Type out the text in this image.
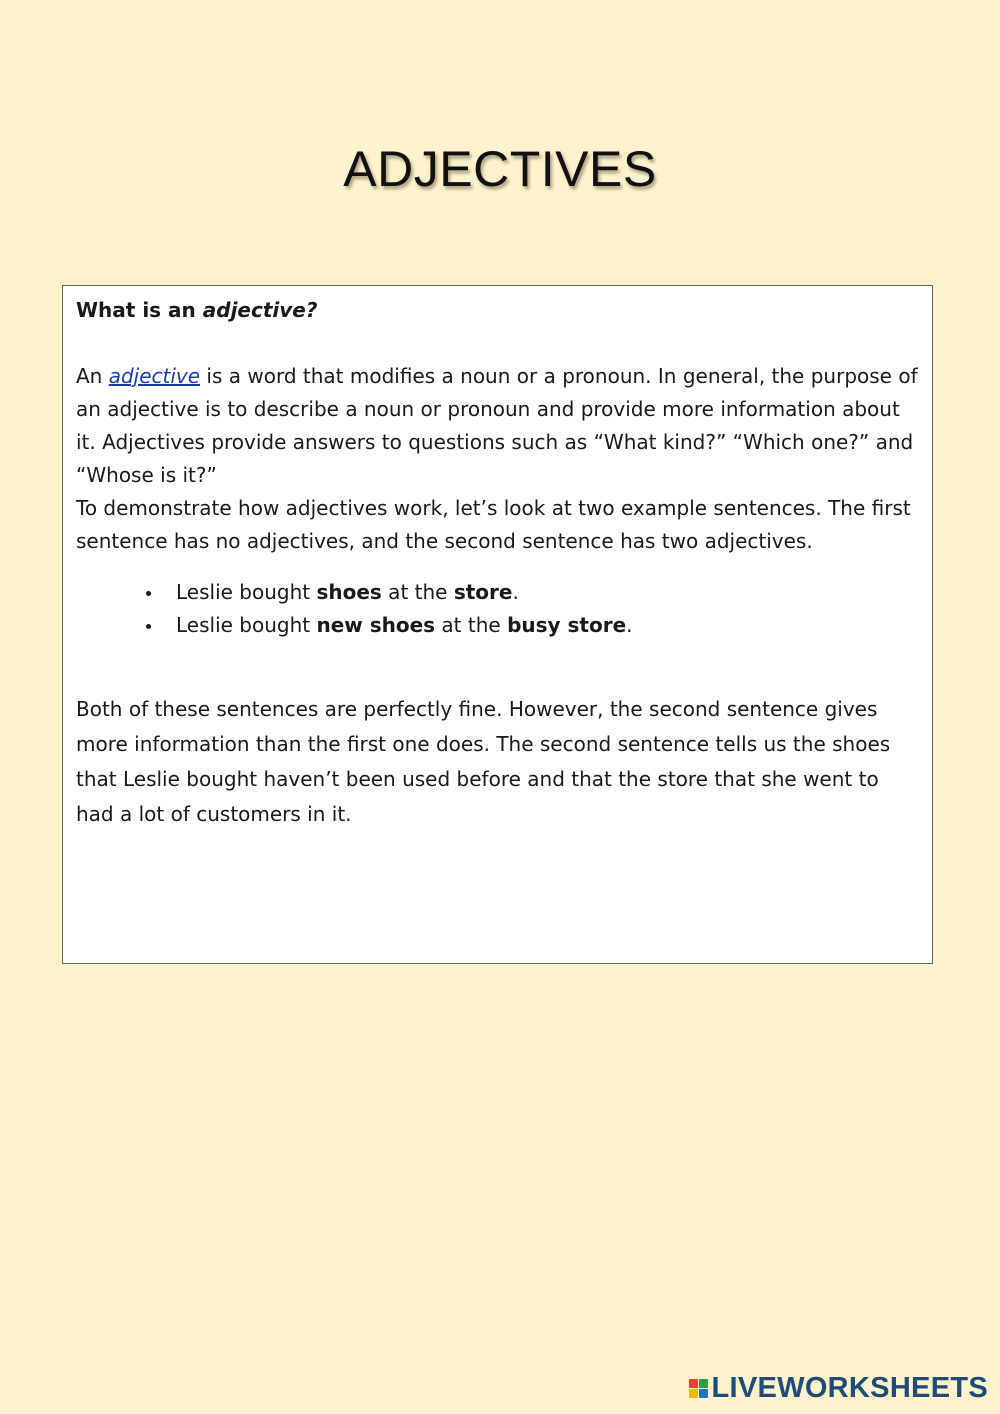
ADJECTIVES

What is an adjective?

An adjective is a word that modifies a noun or a pronoun. In general, the purpose of an adjective is to describe a noun or pronoun and provide more information about it. Adjectives provide answers to questions such as “What kind?” “Which one?” and “Whose is it?”
To demonstrate how adjectives work, let’s look at two example sentences. The first sentence has no adjectives, and the second sentence has two adjectives.

Leslie bought shoes at the store.
Leslie bought new shoes at the busy store.

Both of these sentences are perfectly fine. However, the second sentence gives more information than the first one does. The second sentence tells us the shoes that Leslie bought haven’t been used before and that the store that she went to had a lot of customers in it.

LIVEWORKSHEETS
